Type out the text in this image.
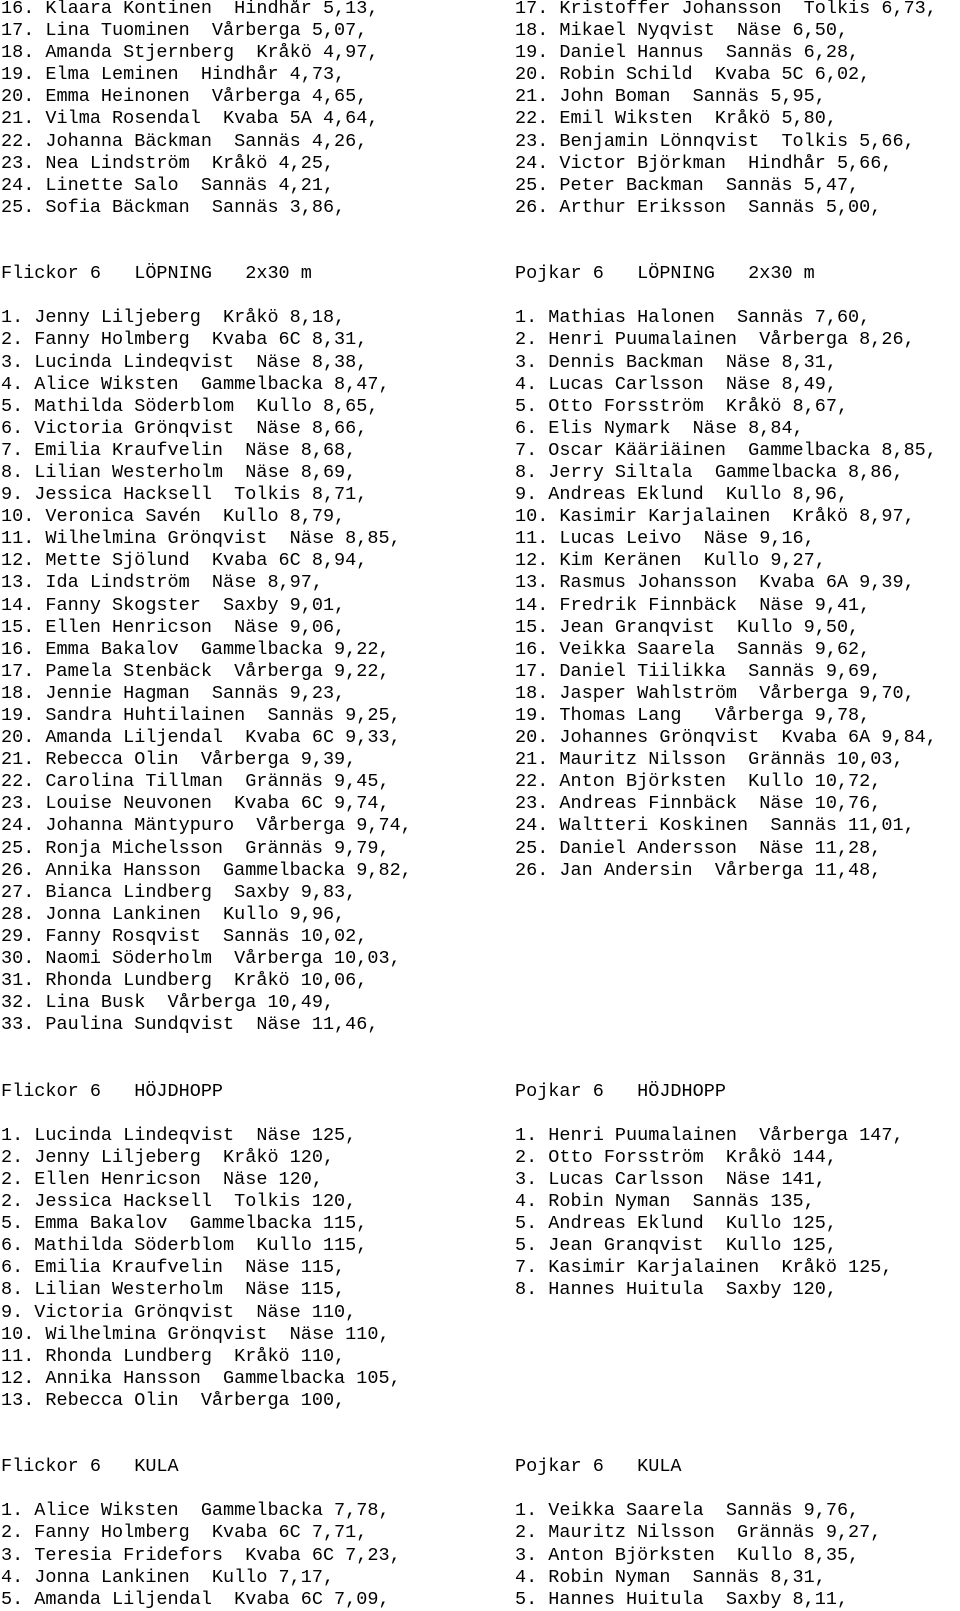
16. Klaara Kontinen  Hindhår 5,13,
17. Lina Tuominen  Vårberga 5,07,
18. Amanda Stjernberg  Kråkö 4,97,
19. Elma Leminen  Hindhår 4,73,
20. Emma Heinonen  Vårberga 4,65,
21. Vilma Rosendal  Kvaba 5A 4,64,
22. Johanna Bäckman  Sannäs 4,26,
23. Nea Lindström  Kråkö 4,25,
24. Linette Salo  Sannäs 4,21,
25. Sofia Bäckman  Sannäs 3,86,
Flickor 6   LÖPNING   2x30 m
1. Jenny Liljeberg  Kråkö 8,18,
2. Fanny Holmberg  Kvaba 6C 8,31,
3. Lucinda Lindeqvist  Näse 8,38,
4. Alice Wiksten  Gammelbacka 8,47,
5. Mathilda Söderblom  Kullo 8,65,
6. Victoria Grönqvist  Näse 8,66,
7. Emilia Kraufvelin  Näse 8,68,
8. Lilian Westerholm  Näse 8,69,
9. Jessica Hacksell  Tolkis 8,71,
10. Veronica Savén  Kullo 8,79,
11. Wilhelmina Grönqvist  Näse 8,85,
12. Mette Sjölund  Kvaba 6C 8,94,
13. Ida Lindström  Näse 8,97,
14. Fanny Skogster  Saxby 9,01,
15. Ellen Henricson  Näse 9,06,
16. Emma Bakalov  Gammelbacka 9,22,
17. Pamela Stenbäck  Vårberga 9,22,
18. Jennie Hagman  Sannäs 9,23,
19. Sandra Huhtilainen  Sannäs 9,25,
20. Amanda Liljendal  Kvaba 6C 9,33,
21. Rebecca Olin  Vårberga 9,39,
22. Carolina Tillman  Grännäs 9,45,
23. Louise Neuvonen  Kvaba 6C 9,74,
24. Johanna Mäntypuro  Vårberga 9,74,
25. Ronja Michelsson  Grännäs 9,79,
26. Annika Hansson  Gammelbacka 9,82,
27. Bianca Lindberg  Saxby 9,83,
28. Jonna Lankinen  Kullo 9,96,
29. Fanny Rosqvist  Sannäs 10,02,
30. Naomi Söderholm  Vårberga 10,03,
31. Rhonda Lundberg  Kråkö 10,06,
32. Lina Busk  Vårberga 10,49,
33. Paulina Sundqvist  Näse 11,46,
Flickor 6   HÖJDHOPP
1. Lucinda Lindeqvist  Näse 125,
2. Jenny Liljeberg  Kråkö 120,
2. Ellen Henricson  Näse 120,
2. Jessica Hacksell  Tolkis 120,
5. Emma Bakalov  Gammelbacka 115,
6. Mathilda Söderblom  Kullo 115,
6. Emilia Kraufvelin  Näse 115,
8. Lilian Westerholm  Näse 115,
9. Victoria Grönqvist  Näse 110,
10. Wilhelmina Grönqvist  Näse 110,
11. Rhonda Lundberg  Kråkö 110,
12. Annika Hansson  Gammelbacka 105,
13. Rebecca Olin  Vårberga 100,
Flickor 6   KULA
1. Alice Wiksten  Gammelbacka 7,78,
2. Fanny Holmberg  Kvaba 6C 7,71,
3. Teresia Fridefors  Kvaba 6C 7,23,
4. Jonna Lankinen  Kullo 7,17,
5. Amanda Liljendal  Kvaba 6C 7,09,
17. Kristoffer Johansson  Tolkis 6,73,
18. Mikael Nyqvist  Näse 6,50,
19. Daniel Hannus  Sannäs 6,28,
20. Robin Schild  Kvaba 5C 6,02,
21. John Boman  Sannäs 5,95,
22. Emil Wiksten  Kråkö 5,80,
23. Benjamin Lönnqvist  Tolkis 5,66,
24. Victor Björkman  Hindhår 5,66,
25. Peter Backman  Sannäs 5,47,
26. Arthur Eriksson  Sannäs 5,00,
Pojkar 6   LÖPNING   2x30 m
1. Mathias Halonen  Sannäs 7,60,
2. Henri Puumalainen  Vårberga 8,26,
3. Dennis Backman  Näse 8,31,
4. Lucas Carlsson  Näse 8,49,
5. Otto Forsström  Kråkö 8,67,
6. Elis Nymark  Näse 8,84,
7. Oscar Kääriäinen  Gammelbacka 8,85,
8. Jerry Siltala  Gammelbacka 8,86,
9. Andreas Eklund  Kullo 8,96,
10. Kasimir Karjalainen  Kråkö 8,97,
11. Lucas Leivo  Näse 9,16,
12. Kim Keränen  Kullo 9,27,
13. Rasmus Johansson  Kvaba 6A 9,39,
14. Fredrik Finnbäck  Näse 9,41,
15. Jean Granqvist  Kullo 9,50,
16. Veikka Saarela  Sannäs 9,62,
17. Daniel Tiilikka  Sannäs 9,69,
18. Jasper Wahlström  Vårberga 9,70,
19. Thomas Lang   Vårberga 9,78,
20. Johannes Grönqvist  Kvaba 6A 9,84,
21. Mauritz Nilsson  Grännäs 10,03,
22. Anton Björksten  Kullo 10,72,
23. Andreas Finnbäck  Näse 10,76,
24. Waltteri Koskinen  Sannäs 11,01,
25. Daniel Andersson  Näse 11,28,
26. Jan Andersin  Vårberga 11,48,
Pojkar 6   HÖJDHOPP
1. Henri Puumalainen  Vårberga 147,
2. Otto Forsström  Kråkö 144,
3. Lucas Carlsson  Näse 141,
4. Robin Nyman  Sannäs 135,
5. Andreas Eklund  Kullo 125,
5. Jean Granqvist  Kullo 125,
7. Kasimir Karjalainen  Kråkö 125,
8. Hannes Huitula  Saxby 120,
Pojkar 6   KULA
1. Veikka Saarela  Sannäs 9,76,
2. Mauritz Nilsson  Grännäs 9,27,
3. Anton Björksten  Kullo 8,35,
4. Robin Nyman  Sannäs 8,31,
5. Hannes Huitula  Saxby 8,11,
